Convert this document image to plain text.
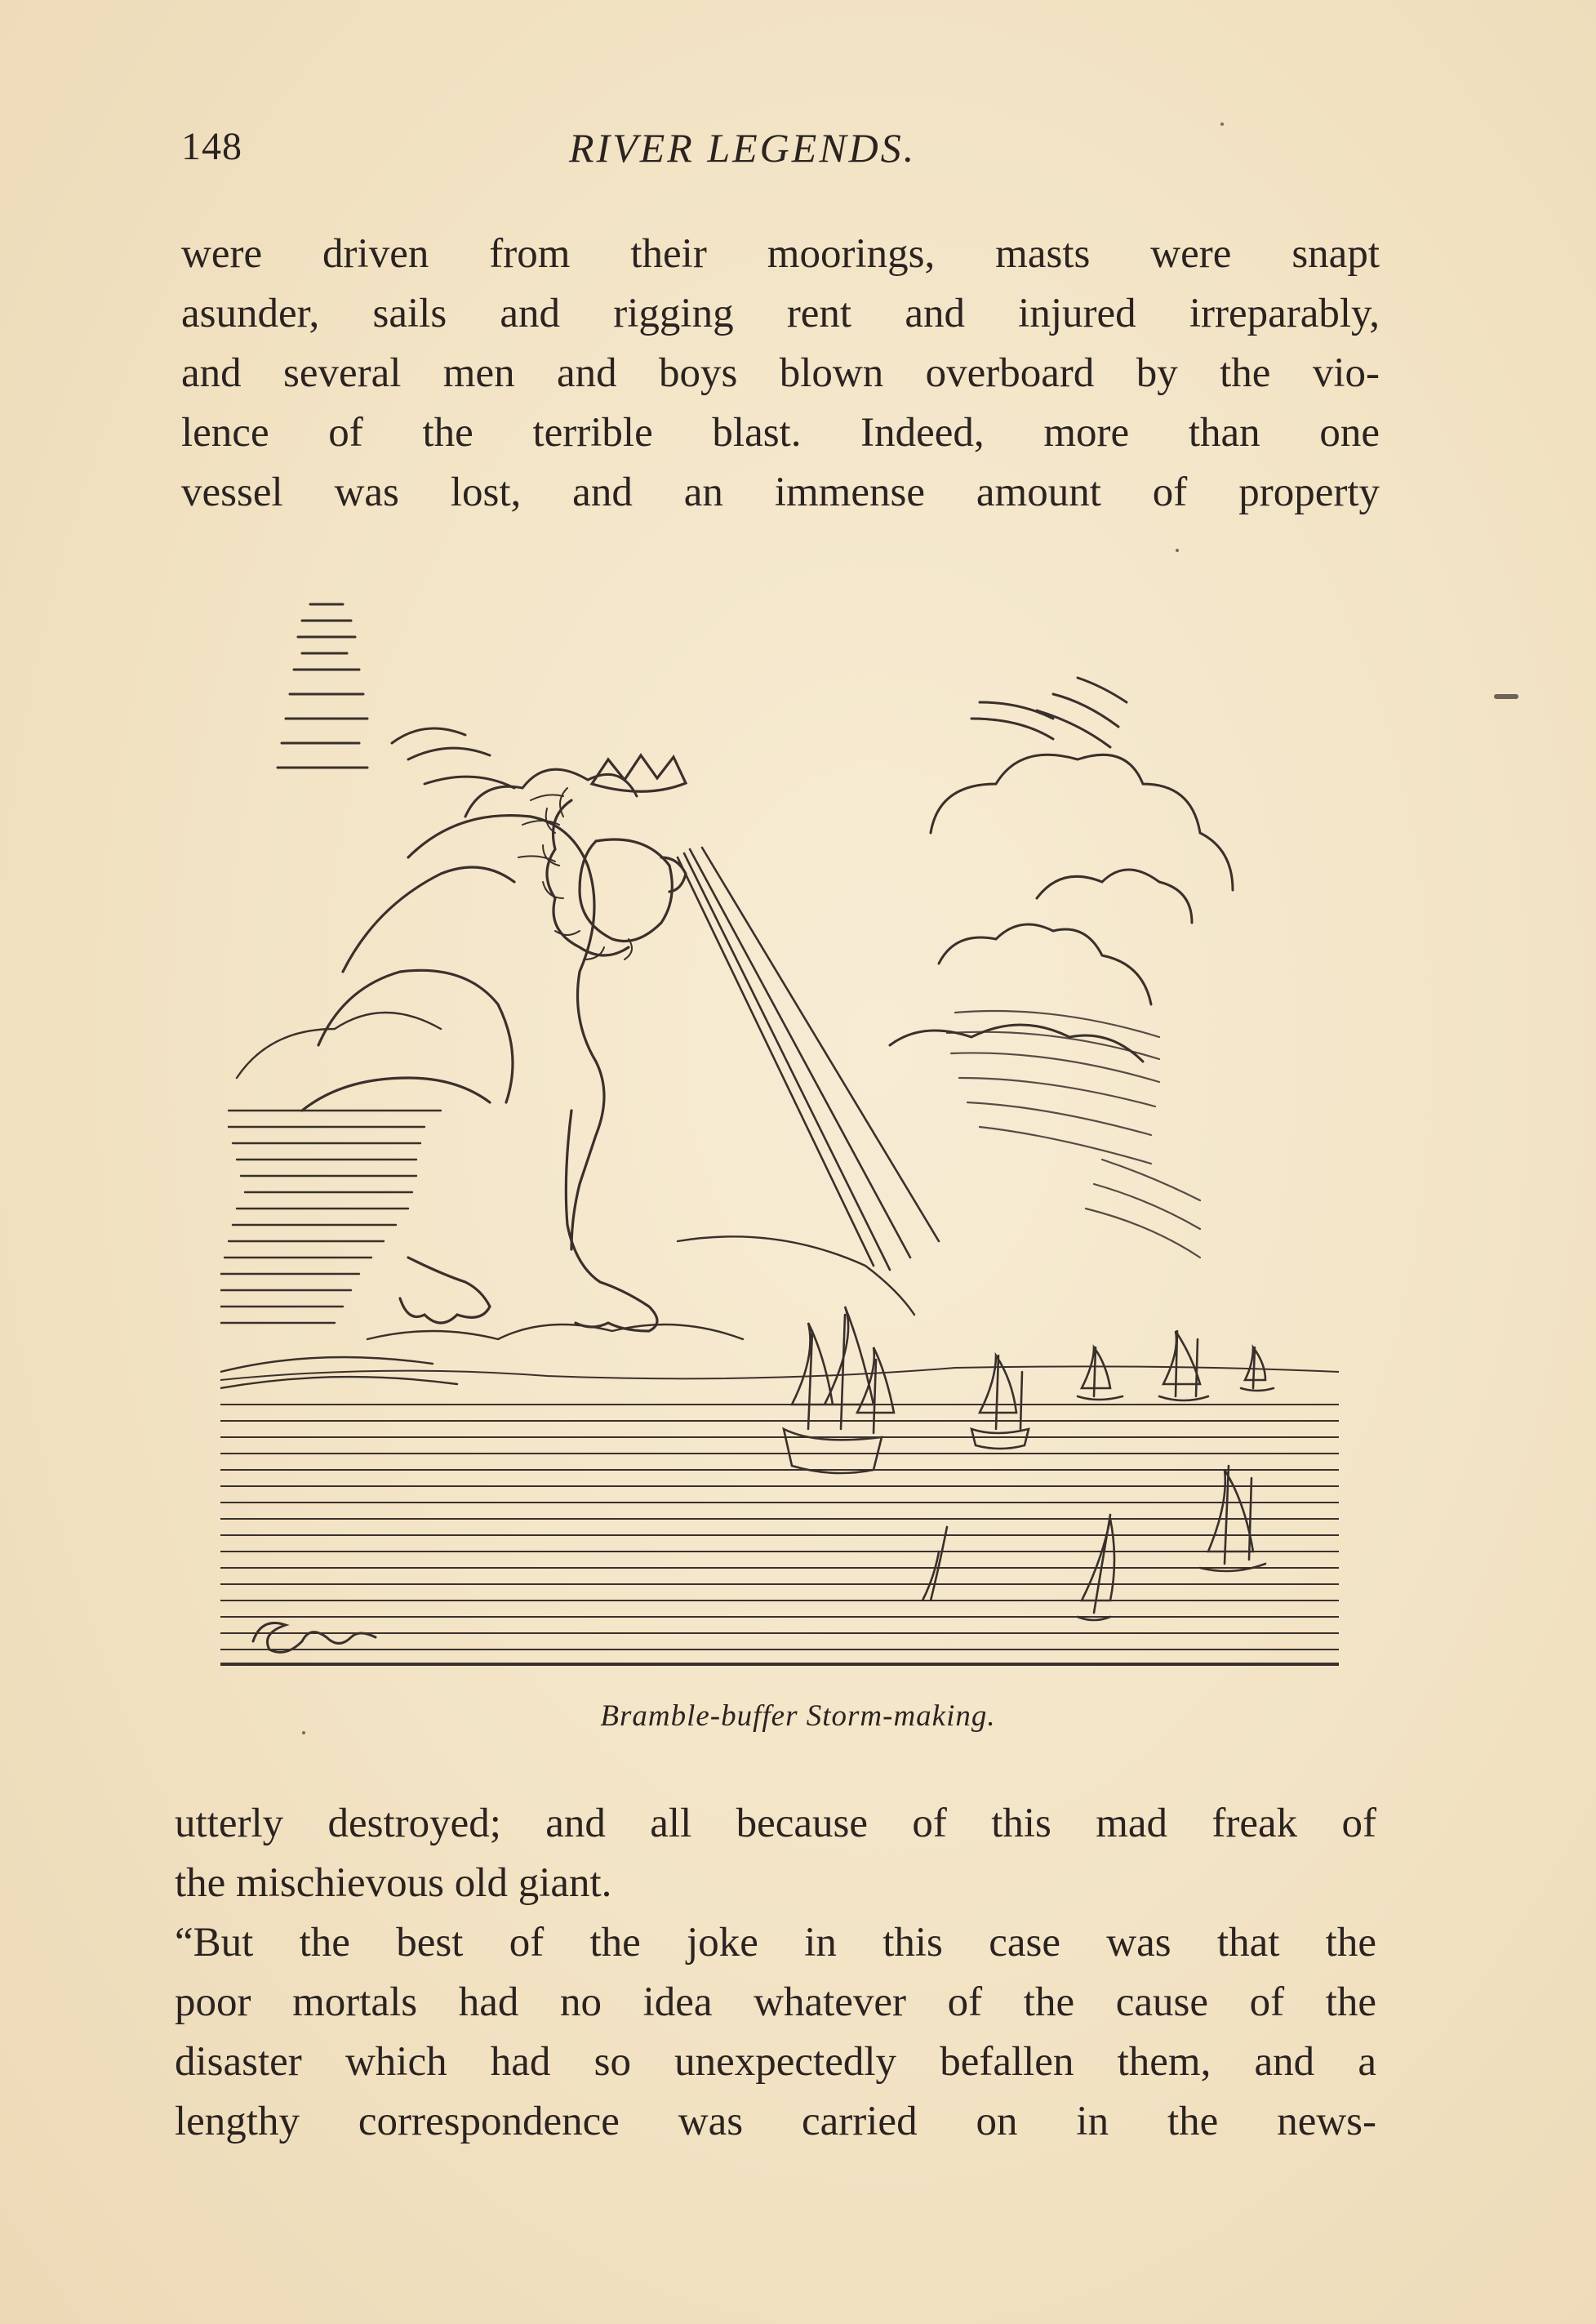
148	RIVER LEGENDS.
were driven from their moorings, masts were snapt
asunder, sails and rigging rent and injured irreparably,
and several men and boys blown overboard by the vio-
lence of the terrible blast. Indeed, more than one
vessel was lost, and an immense amount of property
Bramble-buffer Storm-making.
utterly destroyed; and all because of this mad freak of
the mischievous old giant.
“But the best of the joke in this case was that the
poor mortals had no idea whatever of the cause of the
disaster which had so unexpectedly befallen them, and a
lengthy correspondence was carried on in the news-
